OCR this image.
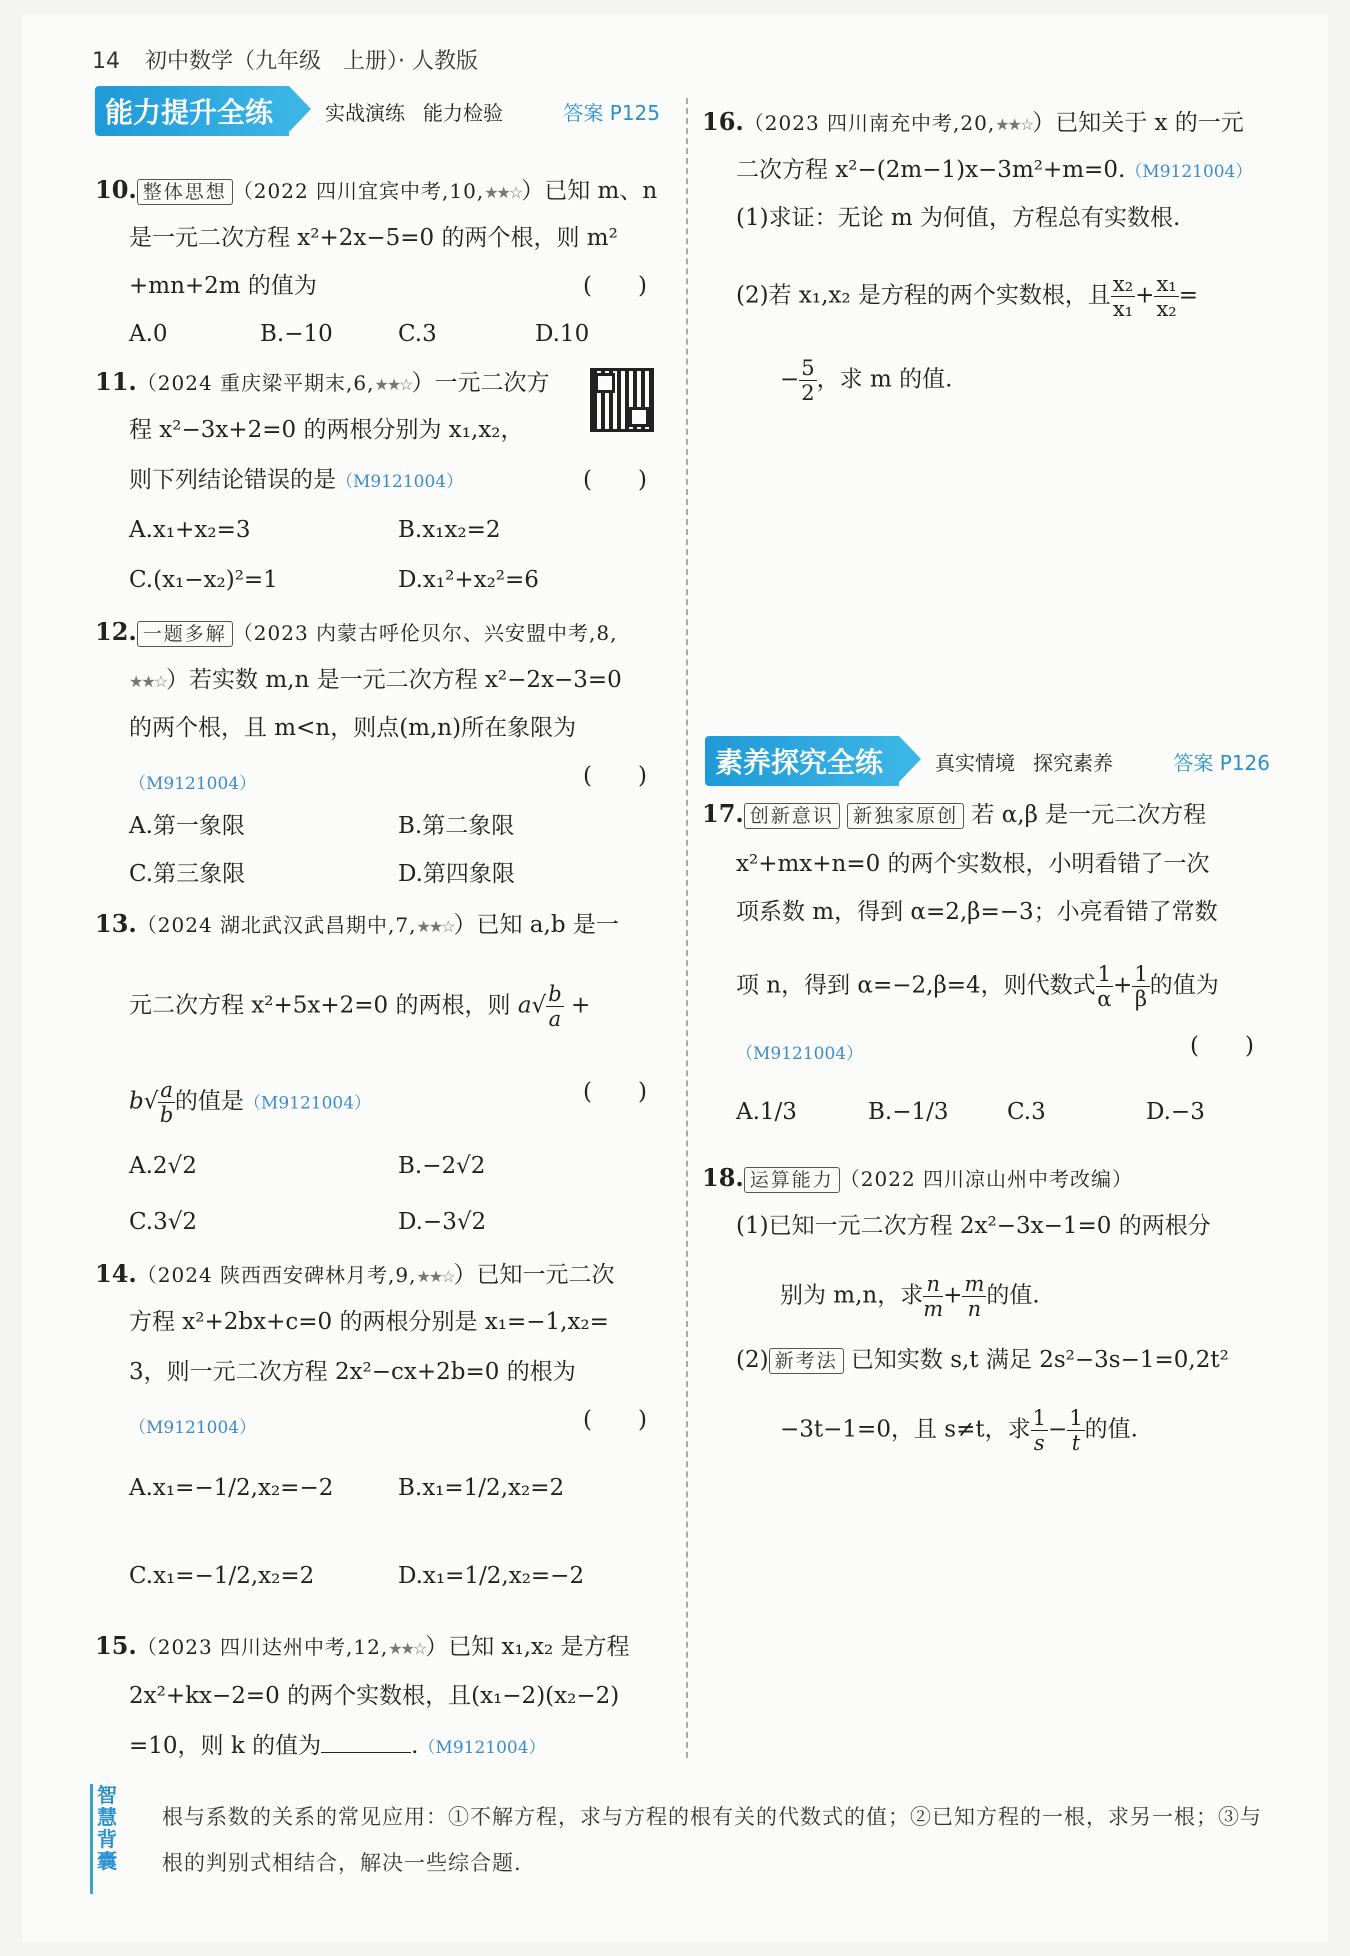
14 初中数学（九年级　上册）· 人教版
能力提升全练	实战演练 能力检验	答案 P125
10. 整体思想 （2022 四川宜宾中考,10,★★☆）已知 m、n
是一元二次方程 x²+2x−5=0 的两个根，则 m²
+mn+2m 的值为	(　　)
A.0	B.−10	C.3	D.10
11.（2024 重庆梁平期末,6,★★☆）一元二次方
程 x²−3x+2=0 的两根分别为 x₁,x₂，
则下列结论错误的是（M9121004）	(　　)
A.x₁+x₂=3	B.x₁x₂=2
C.(x₁−x₂)²=1	D.x₁²+x₂²=6
12. 一题多解 （2023 内蒙古呼伦贝尔、兴安盟中考,8,
★★☆）若实数 m,n 是一元二次方程 x²−2x−3=0
的两个根，且 m<n，则点(m,n)所在象限为
（M9121004）	(　　)
A.第一象限	B.第二象限
C.第三象限	D.第四象限
13.（2024 湖北武汉武昌期中,7,★★☆）已知 a,b 是一
元二次方程 x²+5x+2=0 的两根，则 $a√ \frac{b}{a}$ +
$b√ \frac{a}{b}$ 的值是（M9121004）	(　　)
A.2√2	B.−2√2
C.3√2	D.−3√2
14.（2024 陕西西安碑林月考,9,★★☆）已知一元二次
方程 x²+2bx+c=0 的两根分别是 x₁=−1,x₂=
3，则一元二次方程 2x²−cx+2b=0 的根为
（M9121004）	(　　)
A.x₁=−1/2,x₂=−2	B.x₁=1/2,x₂=2
C.x₁=−1/2,x₂=2	D.x₁=1/2,x₂=−2
15.（2023 四川达州中考,12,★★☆）已知 x₁,x₂ 是方程
2x²+kx−2=0 的两个实数根，且(x₁−2)(x₂−2)
=10，则 k 的值为	.（M9121004）
16.（2023 四川南充中考,20,★★☆）已知关于 x 的一元
二次方程 x²−(2m−1)x−3m²+m=0.（M9121004）
(1)求证：无论 m 为何值，方程总有实数根.
(2)若 x₁,x₂ 是方程的两个实数根，且 $\frac{\text{x₂}}{\text{x₁}} + \frac{\text{x₁}}{\text{x₂}}$ =
− $\frac{5}{2}$ ，求 m 的值.
素养探究全练	真实情境 探究素养	答案 P126
17. 创新意识 新独家原创 若 α,β 是一元二次方程
x²+mx+n=0 的两个实数根，小明看错了一次
项系数 m，得到 α=2,β=−3；小亮看错了常数
项 n，得到 α=−2,β=4，则代数式 $\frac{1}{\alpha} + \frac{1}{\beta}$ 的值为
（M9121004）	(　　)
A.1/3	B.−1/3	C.3	D.−3
18. 运算能力 （2022 四川凉山州中考改编）
(1)已知一元二次方程 2x²−3x−1=0 的两根分
别为 m,n，求 $\frac{n}{m} + \frac{m}{n}$ 的值.
(2) 新考法 已知实数 s,t 满足 2s²−3s−1=0,2t²
−3t−1=0，且 s≠t，求 $\frac{1}{s} - \frac{1}{t}$ 的值.
智慧背囊
根与系数的关系的常见应用：①不解方程，求与方程的根有关的代数式的值；②已知方程的一根，求另一根；③与根的判别式相结合，解决一些综合题.
